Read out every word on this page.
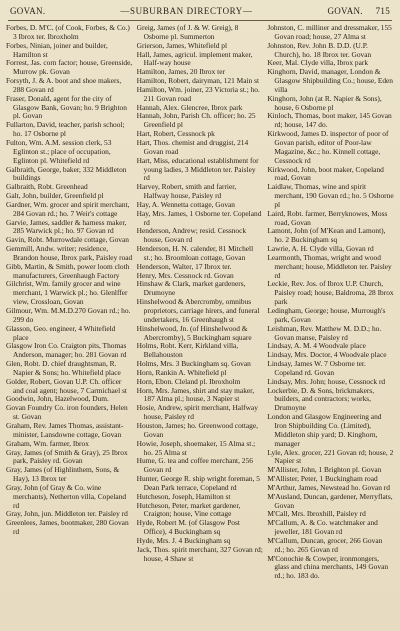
GOVAN.	—SUBURBAN DIRECTORY—	GOVAN. 715

Forbes, D. M'C. (of Cook, Forbes, & Co.) 3 Ibrox ter. Ibroxholm

Forbes, Ninian, joiner and builder, Hamilton st

Forrest, Jas. corn factor; house, Greenside, Murrow pk. Govan

Forsyth, J. & A. boot and shoe makers, 288 Govan rd

Fraser, Donald, agent for the city of Glasgow Bank, Govan; ho. 9 Brighton pl. Govan

Fullarton, David, teacher, parish school; ho. 17 Osborne pl

Fulton, Wm. A.M. session clerk, 53 Eglinton st.; place of occupation, Eglinton pl. Whitefield rd

Galbraith, George, baker, 332 Middleton buildings

Galbraith, Robt. Greenhead

Galt, John, builder, Greenfield pl

Gardner, Wm. grocer and spirit merchant, 284 Govan rd.; ho. 7 Weir's cottage

Garvie, James, saddler & harness maker, 285 Warwick pl.; ho. 97 Govan rd

Gavin, Robt. Murrowdale cottage, Govan

Gemmill, Andw. writer; residence, Brandon house, Ibrox park, Paisley road

Gibb, Martin, & Smith, power loom cloth manufacturers, Greenhaugh Factory

Gilchrist, Wm. family grocer and wine merchant, 1 Warwick pl.; ho. Glenlffer view, Crossloan, Govan

Gilmour, Wm. M.M.D.270 Govan rd.; ho. 299 do

Glasson, Geo. engineer, 4 Whitefield place

Glasgow Iron Co. Craigton pits, Thomas Anderson, manager; ho. 281 Govan rd

Glen, Robt. D. chief draughtsman, R. Napier & Sons; ho. Whitefield place

Golder, Robert, Govan U.P. Ch. officer and coal agent; house, 7 Carmichael st

Goodwin, John, Hazelwood, Dum.

Govan Foundry Co. iron founders, Helen st. Govan

Graham, Rev. James Thomas, assistant-minister, Lansdowne cottage, Govan

Graham, Wm. farmer, Ibrox

Gray, James (of Smith & Gray), 25 Ibrox park, Paisley rd. Govan

Gray, James (of Highlinthem, Sons, & Hay), 13 Ibrox ter

Gray, John (of Gray & Co. wine merchants), Netherton villa, Copeland rd

Gray, John, jun. Middleton ter. Paisley rd

Greenlees, James, bootmaker, 280 Govan rd

Greig, James (of J. & W. Greig), 8 Osborne pl. Summerton

Grierson, James, Whitefield pl

Hall, James, agricul. implement maker, Half-way house

Hamilton, James, 20 Ibrox ter

Hamilton, Robert, dairyman, 121 Main st

Hamilton, Wm. joiner, 23 Victoria st.; ho. 211 Govan road

Hannah, Alex. Glencree, Ibrox park

Hannah, John, Parish Ch. officer; ho. 25 Greenfield pl

Hart, Robert, Cessnock pk

Hart, Thos. chemist and druggist, 214 Govan road

Hart, Miss, educational establishment for young ladies, 3 Middleton ter. Paisley rd

Harvey, Robert, smith and farrier, Halfway house, Paisley rd

Hay, A. Wennetta cottage, Govan

Hay, Mrs. James, 1 Osborne ter. Copeland rd

Henderson, Andrew; resid. Cessnock house, Govan rd

Henderson, H. N. calender, 81 Mitchell st.; ho. Broomloan cottage, Govan

Henderson, Walter, 17 Ibrox ter.

Henry, Mrs. Cessnock rd. Govan

Hinshaw & Clark, market gardeners, Drumoyne

Hinshelwood & Abercromby, omnibus proprietors, carriage hirers, and funeral undertakers, 16 Greenhaugh st

Hinshelwood, Jn. (of Hinshelwood & Abercromby), 5 Buckingham square

Holms, Robt. Kerr, Kirkland villa, Bellahouston

Holms, Mrs. 3 Buckingham sq. Govan

Horn, Rankin A. Whitefield pl

Horn, Ebon. Cleland pl. Ibroxholm

Horn, Mrs. James, shirt and stay maker, 187 Alma pl.; house, 3 Napier st

Hosie, Andrew, spirit merchant, Halfway house, Paisley rd

Houston, James; ho. Greenwood cottage, Govan

Howie, Joseph, shoemaker, 15 Alma st.; ho. 25 Alma st

Hume, G. tea and coffee merchant, 256 Govan rd

Hunter, George R. ship wright foreman, 5 Dean Park terrace, Copeland rd

Hutcheson, Joseph, Hamilton st

Hutcheson, Peter, market gardener, Craigton; house, Vine cottage

Hyde, Robert M. (of Glasgow Post Office), 4 Buckingham sq

Hyde, Mrs. J. 4 Buckingham sq

Jack, Thos. spirit merchant, 327 Govan rd; house, 4 Shaw st

Johnston, C. milliner and dressmaker, 155 Govan road; house, 27 Alma st

Johnston, Rev. John B. D.D. (U.P. Church), ho. 18 Ibrox ter. Govan

Keer, Mal. Clyde villa, Ibrox park

Kinghorn, David, manager, London & Glasgow Shipbuilding Co.; house, Eden villa

Kinghorn, John (at R. Napier & Sons), house, 6 Osborne pl

Kinloch, Thomas, boot maker, 145 Govan rd; house, 147 do.

Kirkwood, James D. inspector of poor of Govan parish, editor of Poor-law Magazine, &c.; ho. Kinnell cottage, Cessnock rd

Kirkwood, John, boot maker, Copeland road, Govan

Laidlaw, Thomas, wine and spirit merchant, 190 Govan rd.; ho. 5 Osborne pl

Laird, Robt. farmer, Berryknowes, Moss road, Govan

Lamont, John (of M'Kean and Lamont), ho. 2 Buckingham sq

Lawrie, A. H. Clyde villa, Govan rd

Learmonth, Thomas, wright and wood merchant; house, Middleton ter. Paisley rd

Leckie, Rev. Jos. of Ibrox U.P. Church, Paisley road; house, Baldroma, 28 Ibrox park

Ledingham, George; house, Murrough's park, Govan

Leishman, Rev. Matthew M. D.D.; ho. Govan manse, Paisley rd

Lindsay, A. M. 4 Woodvale place

Lindsay, Mrs. Doctor, 4 Woodvale place

Lindsay, James W. 7 Osborne ter. Copeland rd. Govan

Lindsay, Mrs. John; house, Cessnock rd

Lockerbie, D. & Sons, brickmakers, builders, and contractors; works, Drumoyne

London and Glasgow Engineering and Iron Shipbuilding Co. (Limited), Middleton ship yard; D. Kinghorn, manager

Lyle, Alex. grocer, 221 Govan rd; house, 2 Napier st

M'Allister, John, 1 Brighton pl. Govan

M'Allister, Peter, 1 Buckingham road

M'Arthur, James, Newstead ho. Govan rd

M'Ausland, Duncan, gardener, Merryflats, Govan

M'Call, Mrs. Ibroxhill, Paisley rd

M'Callum, A. & Co. watchmaker and jeweller, 181 Govan rd

M'Callum, Duncan, grocer, 266 Govan rd.; ho. 265 Govan rd

M'Conochie & Cowper, ironmongers, glass and china merchants, 149 Govan rd.; ho. 183 do.
